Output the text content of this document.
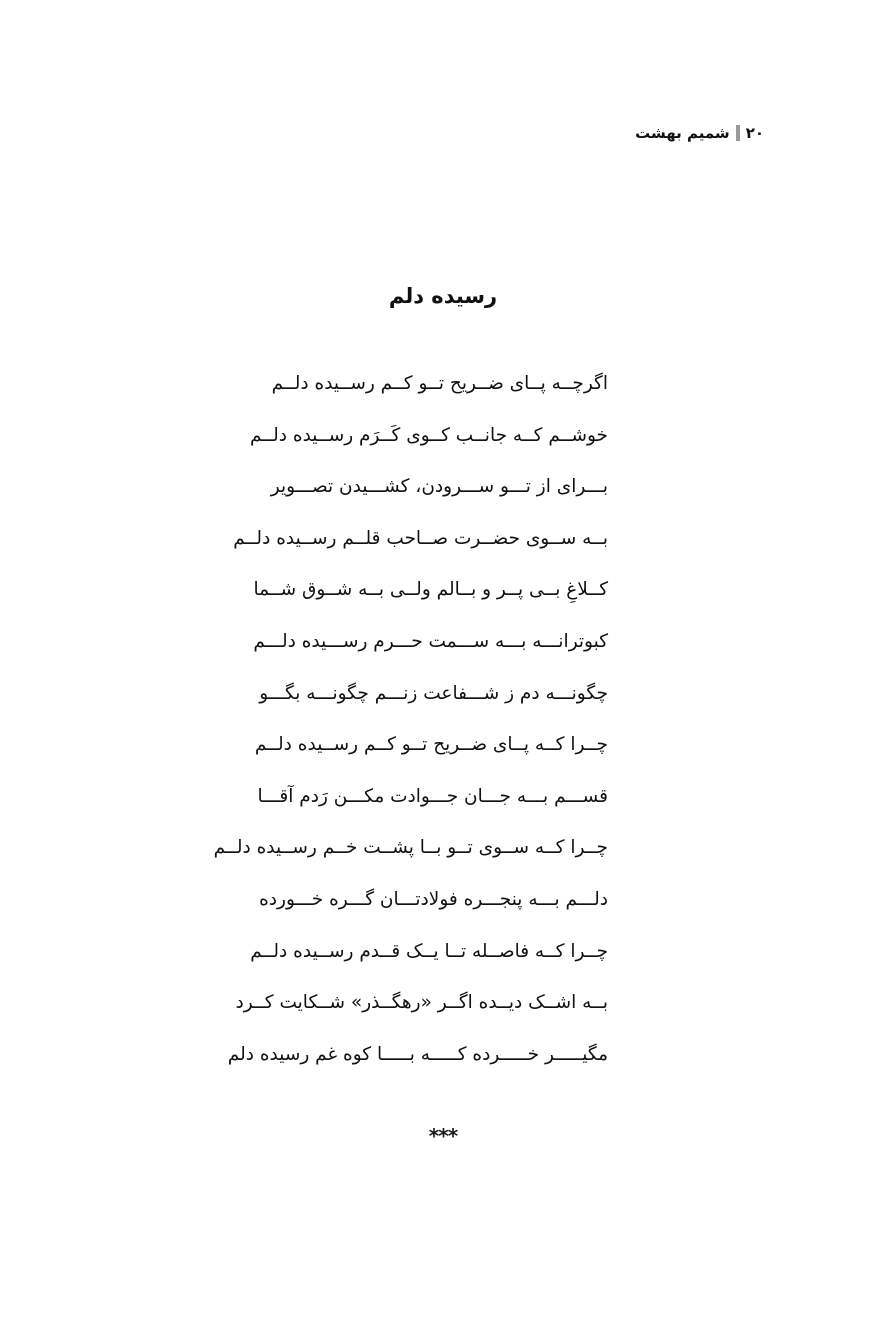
۲۰
شمیم بهشت
رسیده دلم
اگرچــه پــای ضــریح تــو کــم رســیده دلــم
خوشــم کــه جانــب کــوی کَــرَم رســیده دلــم
بـــرای از تـــو ســـرودن، کشـــیدن تصـــویر
بــه ســوی حضــرت صــاحب قلــم رســیده دلــم
کــلاغِ بــی پــر و بــالم ولــی بــه شــوق شــما
کبوترانـــه بـــه ســـمت حـــرم رســـیده دلـــم
چگونـــه دم ز شـــفاعت زنـــم چگونـــه بگـــو
چــرا کــه پــای ضــریح تــو کــم رســیده دلــم
قســـم بـــه جـــان جـــوادت مکـــن رَدم آقـــا
چــرا کــه ســوی تــو بــا پشــت خــم رســیده دلــم
دلـــم بـــه پنجـــره فولادتـــان گـــره خـــورده
چــرا کــه فاصــله تــا یــک قــدم رســیده دلــم
بــه اشــک دیــده اگــر «رهگــذر» شــکایت کــرد
مگیـــــر خـــــرده کـــــه بـــــا کوه غم رسیده دلم
***
